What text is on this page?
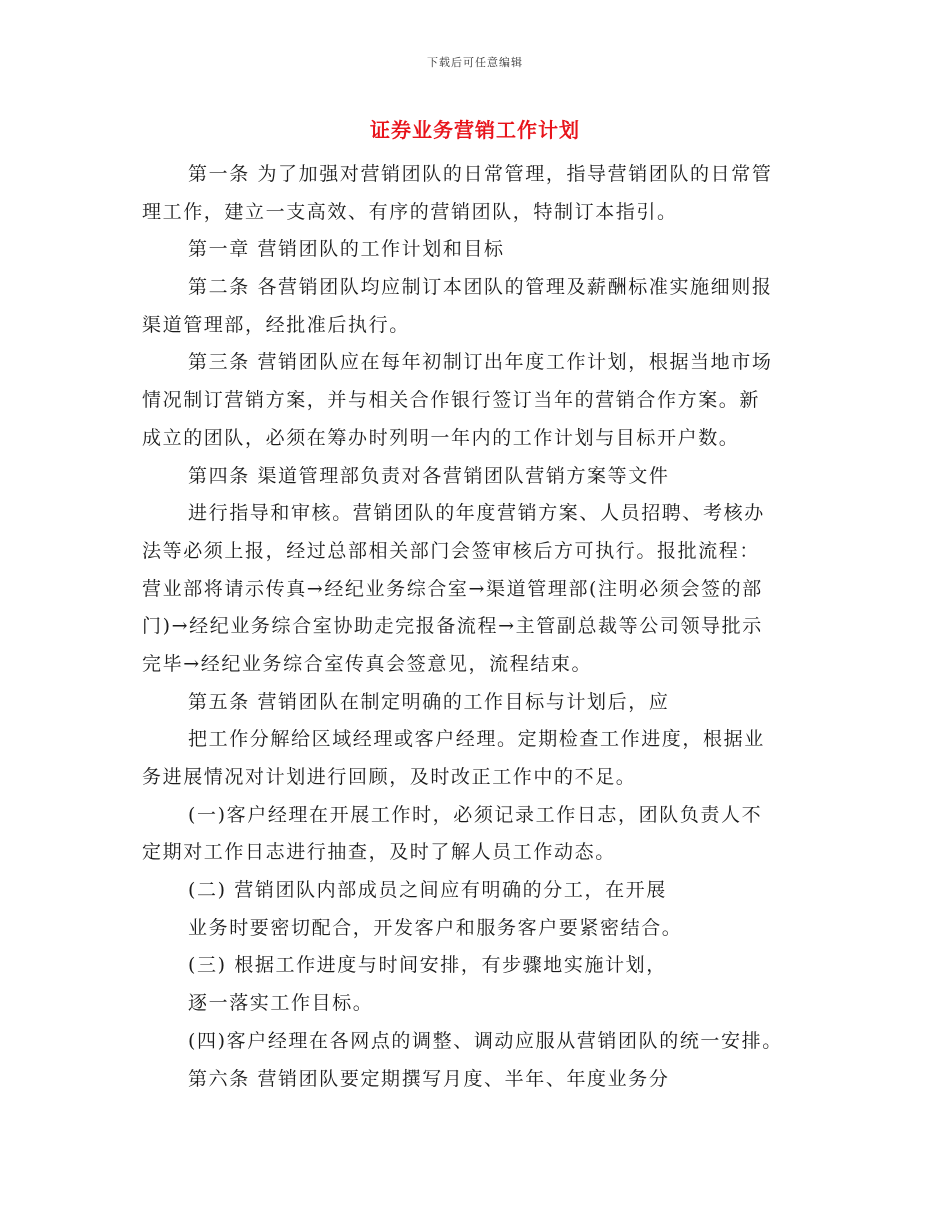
下载后可任意编辑
证券业务营销工作计划
第一条 为了加强对营销团队的日常管理，指导营销团队的日常管
理工作，建立一支高效、有序的营销团队，特制订本指引。
第一章 营销团队的工作计划和目标
第二条 各营销团队均应制订本团队的管理及薪酬标准实施细则报
渠道管理部，经批准后执行。
第三条 营销团队应在每年初制订出年度工作计划，根据当地市场
情况制订营销方案，并与相关合作银行签订当年的营销合作方案。新
成立的团队，必须在筹办时列明一年内的工作计划与目标开户数。
第四条 渠道管理部负责对各营销团队营销方案等文件
进行指导和审核。营销团队的年度营销方案、人员招聘、考核办
法等必须上报，经过总部相关部门会签审核后方可执行。报批流程：
营业部将请示传真→经纪业务综合室→渠道管理部(注明必须会签的部
门)→经纪业务综合室协助走完报备流程→主管副总裁等公司领导批示
完毕→经纪业务综合室传真会签意见，流程结束。
第五条 营销团队在制定明确的工作目标与计划后，应
把工作分解给区域经理或客户经理。定期检查工作进度，根据业
务进展情况对计划进行回顾，及时改正工作中的不足。
(一)客户经理在开展工作时，必须记录工作日志，团队负责人不
定期对工作日志进行抽查，及时了解人员工作动态。
(二) 营销团队内部成员之间应有明确的分工，在开展
业务时要密切配合，开发客户和服务客户要紧密结合。
(三) 根据工作进度与时间安排，有步骤地实施计划，
逐一落实工作目标。
(四)客户经理在各网点的调整、调动应服从营销团队的统一安排。
第六条 营销团队要定期撰写月度、半年、年度业务分
